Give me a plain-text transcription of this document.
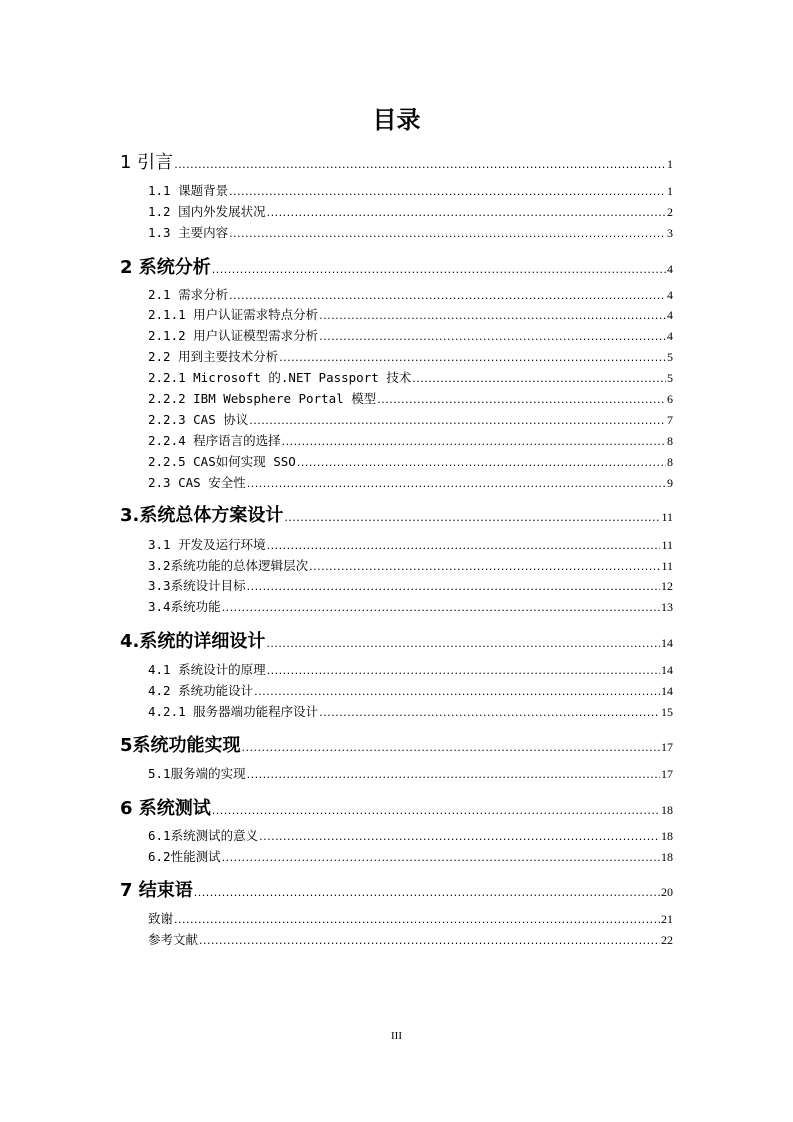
目录
1 引言 .....	1
1.1 课题背景 .....	1
1.2 国内外发展状况 .....	2
1.3 主要内容 .....	3
2 系统分析 .....	4
2.1 需求分析 .....	4
2.1.1 用户认证需求特点分析 .....	4
2.1.2 用户认证模型需求分析 .....	4
2.2 用到主要技术分析 .....	5
2.2.1 Microsoft 的.NET Passport 技术 .....	5
2.2.2 IBM Websphere Portal 模型 .....	6
2.2.3 CAS 协议 .....	7
2.2.4 程序语言的选择 .....	8
2.2.5 CAS如何实现 SSO .....	8
2.3 CAS 安全性 .....	9
3.系统总体方案设计 .....	11
3.1 开发及运行环境 .....	11
3.2系统功能的总体逻辑层次 .....	11
3.3系统设计目标 .....	12
3.4系统功能 .....	13
4.系统的详细设计 .....	14
4.1 系统设计的原理 .....	14
4.2 系统功能设计 .....	14
4.2.1 服务器端功能程序设计 .....	15
5系统功能实现 .....	17
5.1服务端的实现 .....	17
6 系统测试 .....	18
6.1系统测试的意义 .....	18
6.2性能测试 .....	18
7 结束语 .....	20
致谢 .....	21
参考文献 .....	22
III
